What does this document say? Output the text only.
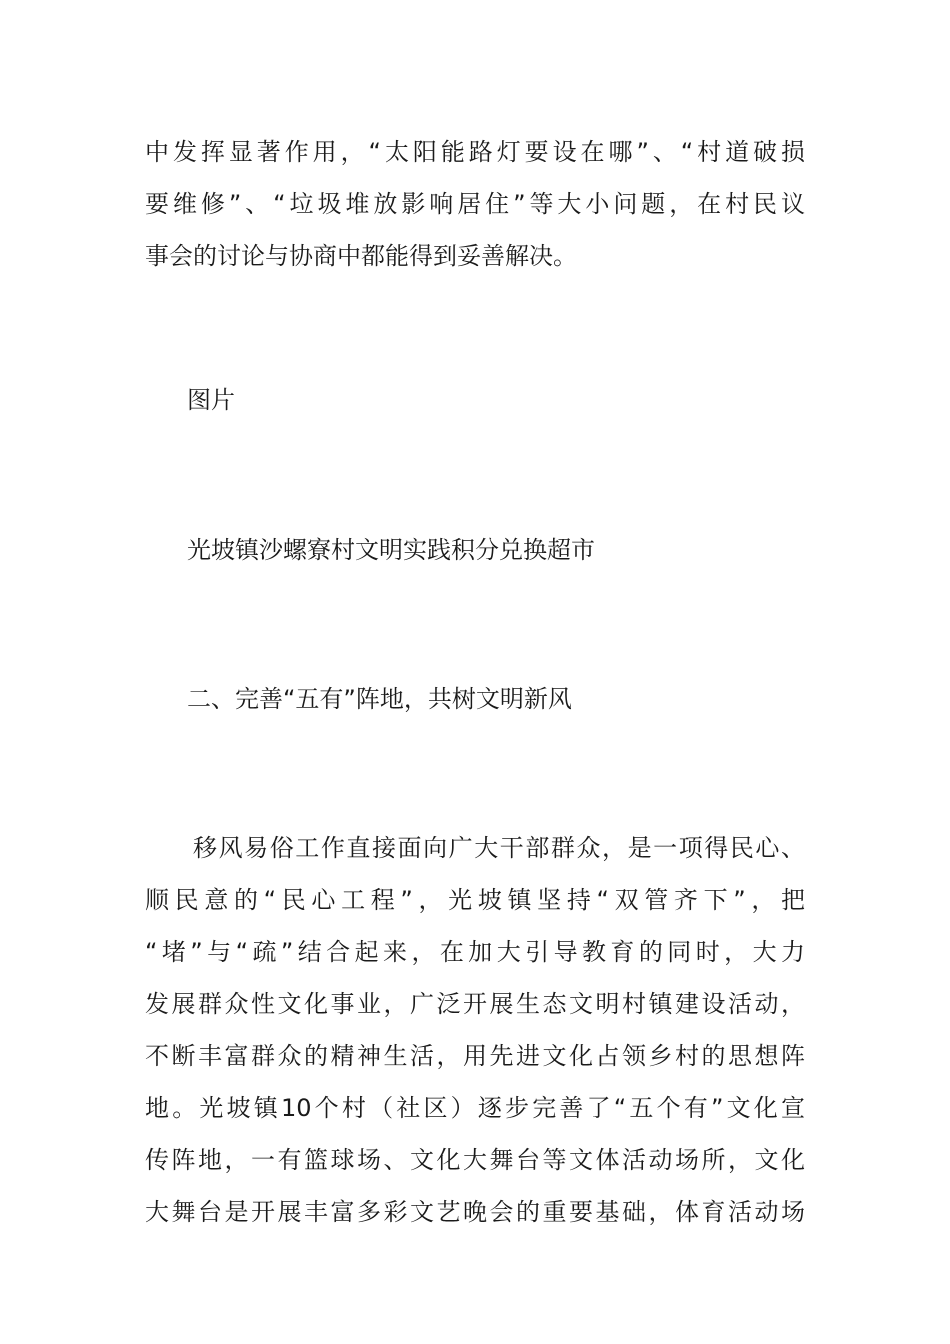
中发挥显著作用，“太阳能路灯要设在哪”、“村道破损

要维修”、“垃圾堆放影响居住”等大小问题，在村民议

事会的讨论与协商中都能得到妥善解决。

图片

光坡镇沙螺寮村文明实践积分兑换超市

二、完善“五有”阵地，共树文明新风

移风易俗工作直接面向广大干部群众，是一项得民心、

顺民意的“民心工程”，光坡镇坚持“双管齐下”，把

“堵”与“疏”结合起来，在加大引导教育的同时，大力

发展群众性文化事业，广泛开展生态文明村镇建设活动，

不断丰富群众的精神生活，用先进文化占领乡村的思想阵

地。光坡镇10个村（社区）逐步完善了“五个有”文化宣

传阵地，一有篮球场、文化大舞台等文体活动场所，文化

大舞台是开展丰富多彩文艺晚会的重要基础，体育活动场
